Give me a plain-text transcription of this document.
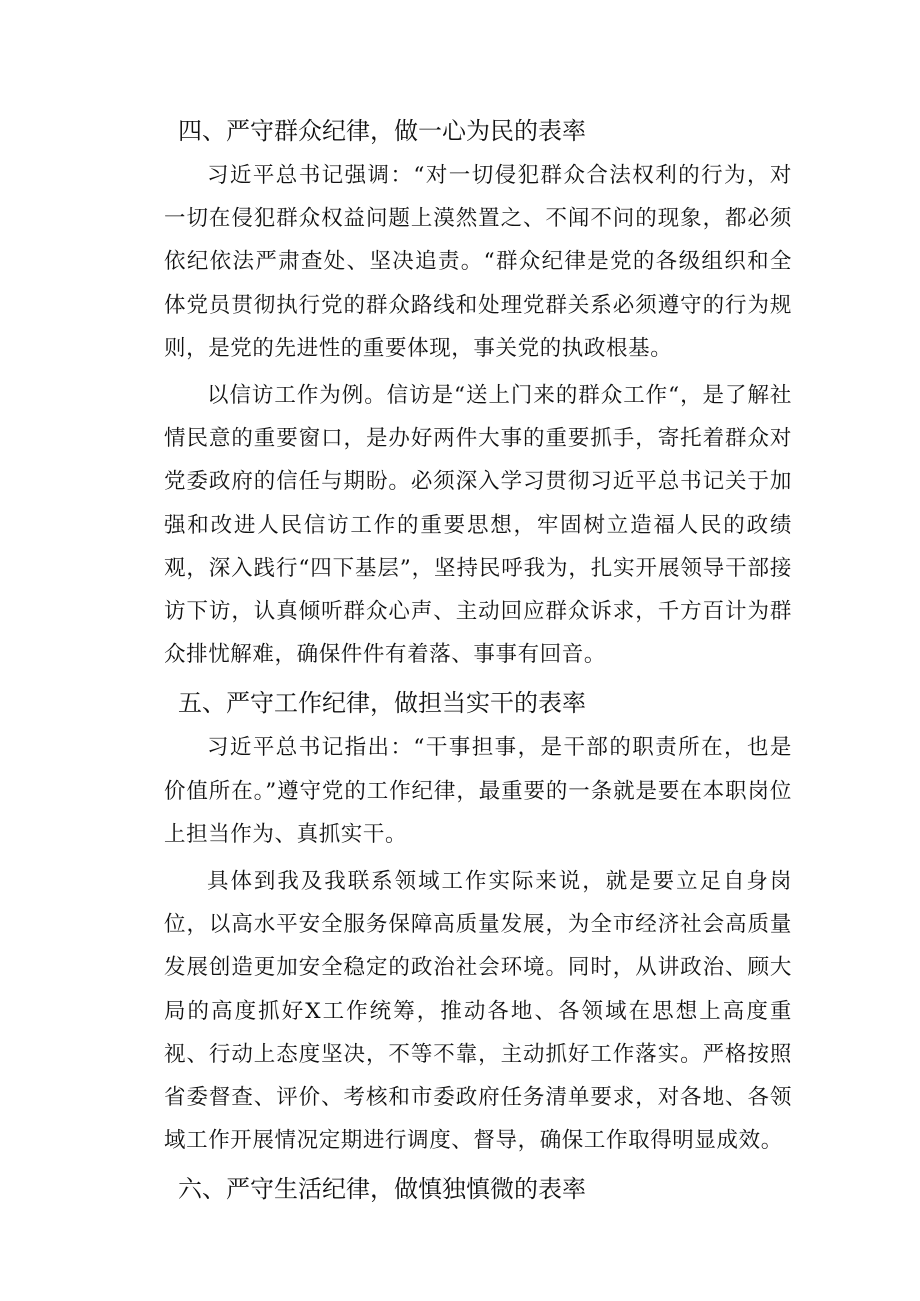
四、严守群众纪律，做一心为民的表率

习近平总书记强调：“对一切侵犯群众合法权利的行为，对一切在侵犯群众权益问题上漠然置之、不闻不问的现象，都必须依纪依法严肃查处、坚决追责。“群众纪律是党的各级组织和全体党员贯彻执行党的群众路线和处理党群关系必须遵守的行为规则，是党的先进性的重要体现，事关党的执政根基。

以信访工作为例。信访是“送上门来的群众工作“，是了解社情民意的重要窗口，是办好两件大事的重要抓手，寄托着群众对党委政府的信任与期盼。必须深入学习贯彻习近平总书记关于加强和改进人民信访工作的重要思想，牢固树立造福人民的政绩观，深入践行“四下基层”，坚持民呼我为，扎实开展领导干部接访下访，认真倾听群众心声、主动回应群众诉求，千方百计为群众排忧解难，确保件件有着落、事事有回音。

五、严守工作纪律，做担当实干的表率

习近平总书记指出：“干事担事，是干部的职责所在，也是价值所在。”遵守党的工作纪律，最重要的一条就是要在本职岗位上担当作为、真抓实干。

具体到我及我联系领域工作实际来说，就是要立足自身岗位，以高水平安全服务保障高质量发展，为全市经济社会高质量发展创造更加安全稳定的政治社会环境。同时，从讲政治、顾大局的高度抓好X工作统筹，推动各地、各领域在思想上高度重视、行动上态度坚决，不等不靠，主动抓好工作落实。严格按照省委督查、评价、考核和市委政府任务清单要求，对各地、各领域工作开展情况定期进行调度、督导，确保工作取得明显成效。

六、严守生活纪律，做慎独慎微的表率
